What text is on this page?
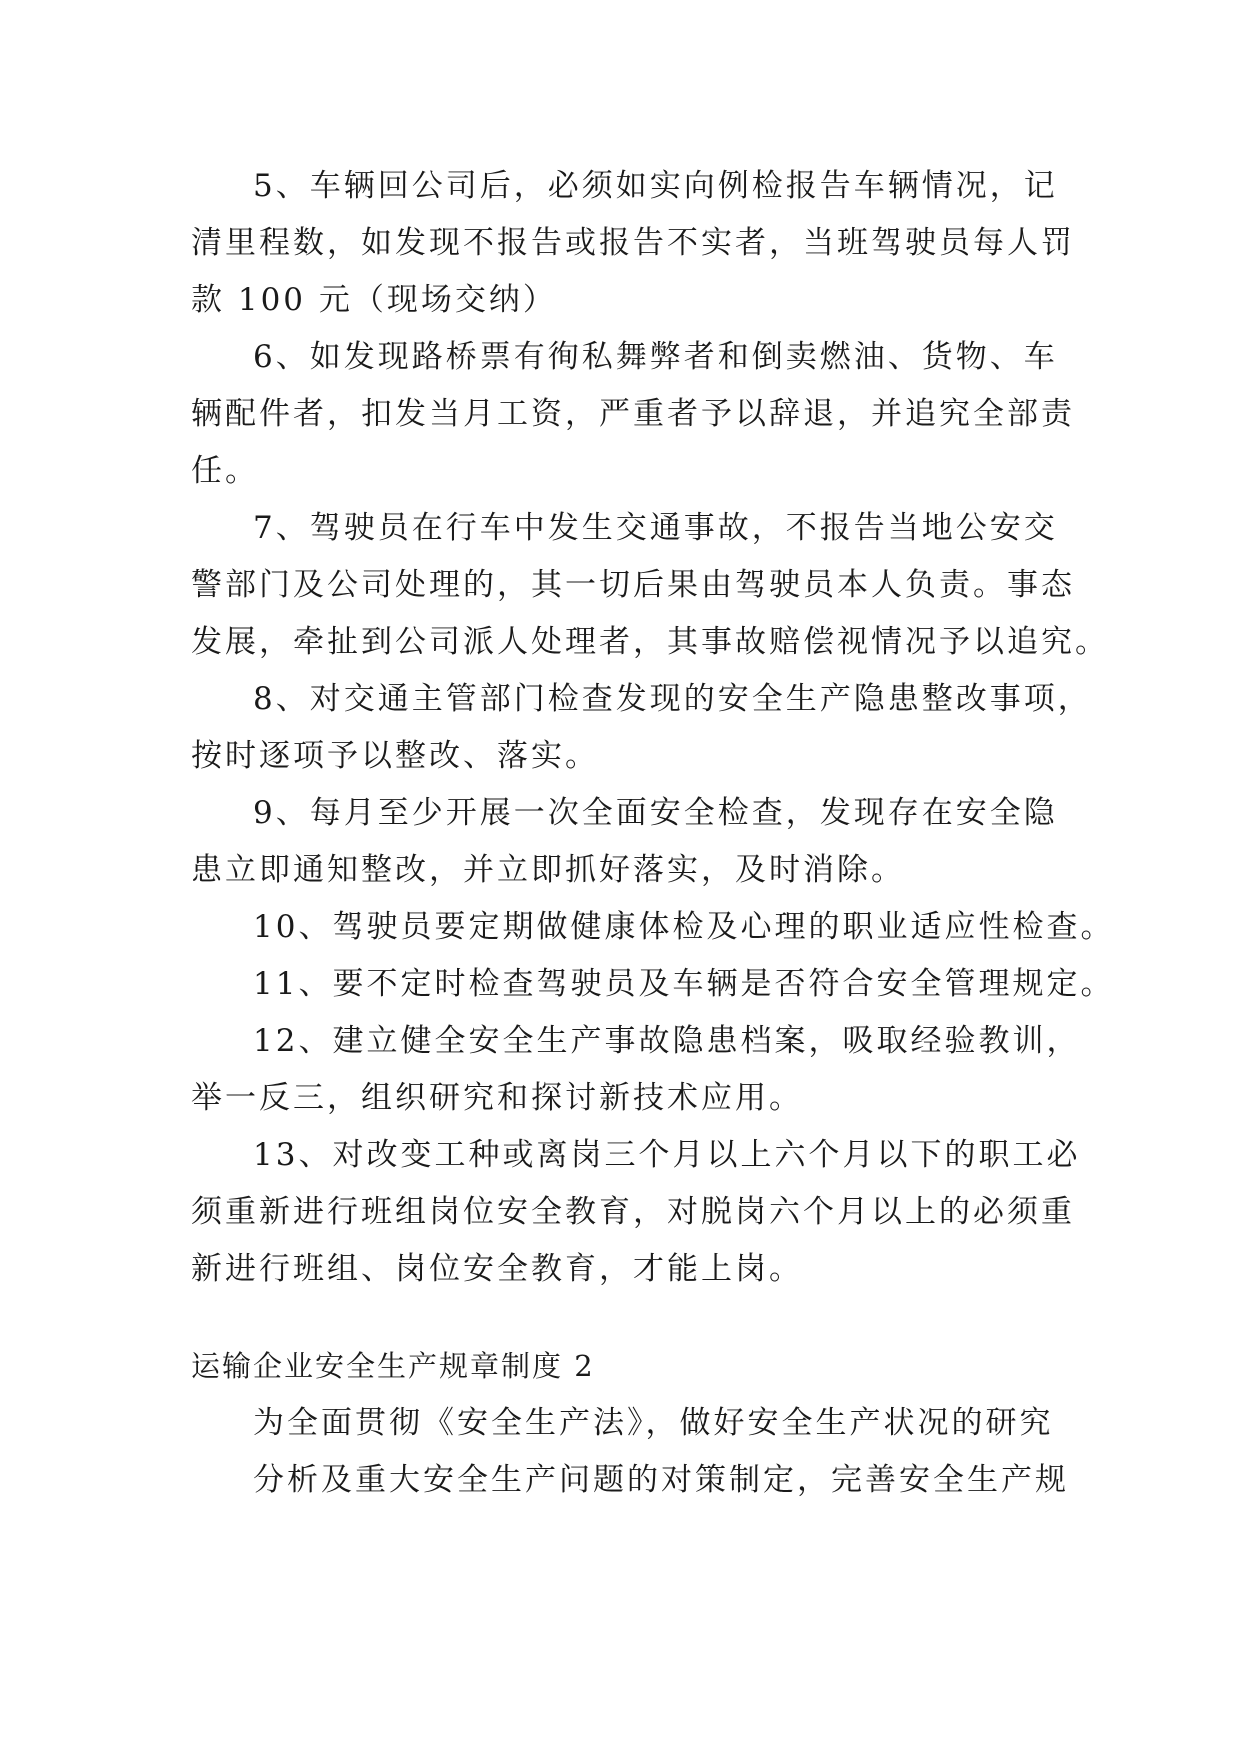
5、车辆回公司后，必须如实向例检报告车辆情况，记
清里程数，如发现不报告或报告不实者，当班驾驶员每人罚
款 100 元（现场交纳）
6、如发现路桥票有徇私舞弊者和倒卖燃油、货物、车
辆配件者，扣发当月工资，严重者予以辞退，并追究全部责
任。
7、驾驶员在行车中发生交通事故，不报告当地公安交
警部门及公司处理的，其一切后果由驾驶员本人负责。事态
发展，牵扯到公司派人处理者，其事故赔偿视情况予以追究。
8、对交通主管部门检查发现的安全生产隐患整改事项，
按时逐项予以整改、落实。
9、每月至少开展一次全面安全检查，发现存在安全隐
患立即通知整改，并立即抓好落实，及时消除。
10、驾驶员要定期做健康体检及心理的职业适应性检查。
11、要不定时检查驾驶员及车辆是否符合安全管理规定。
12、建立健全安全生产事故隐患档案，吸取经验教训，
举一反三，组织研究和探讨新技术应用。
13、对改变工种或离岗三个月以上六个月以下的职工必
须重新进行班组岗位安全教育，对脱岗六个月以上的必须重
新进行班组、岗位安全教育，才能上岗。
运输企业安全生产规章制度 2
为全面贯彻《安全生产法》，做好安全生产状况的研究
分析及重大安全生产问题的对策制定，完善安全生产规
